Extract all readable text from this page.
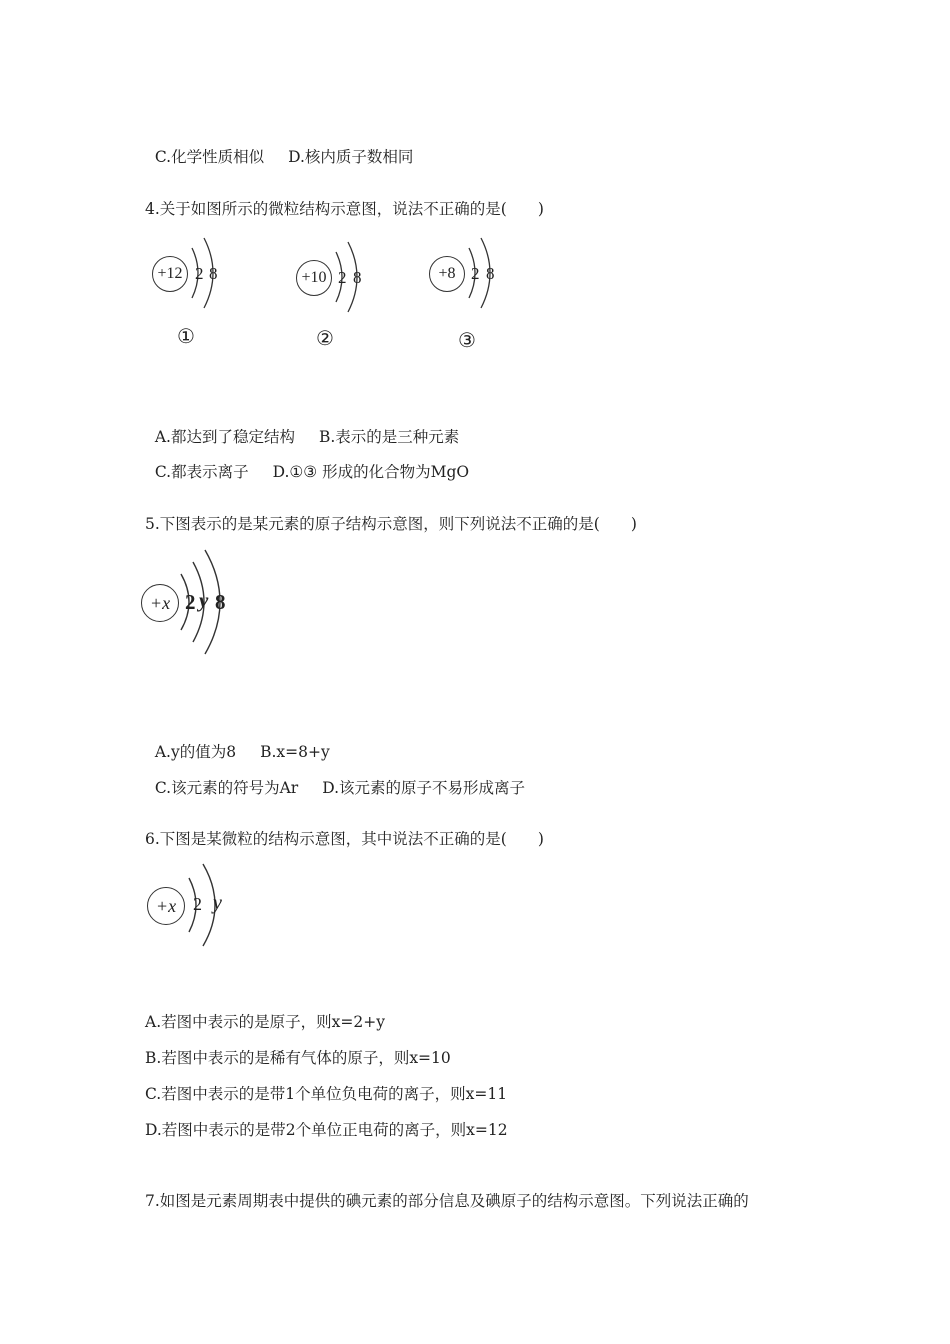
C.化学性质相似 D.核内质子数相同

4.关于如图所示的微粒结构示意图，说法不正确的是(　　)
+12 2 8
①
+10 2 8
②
+8 2 8
③

A.都达到了稳定结构 B.表示的是三种元素

C.都表示离子 D.①③ 形成的化合物为MgO

5.下图表示的是某元素的原子结构示意图，则下列说法不正确的是(　　)
+x 2 y 8

A.y的值为8 B.x=8+y

C.该元素的符号为Ar D.该元素的原子不易形成离子

6.下图是某微粒的结构示意图，其中说法不正确的是(　　)
+x 2 y
A.若图中表示的是原子，则x=2+y
B.若图中表示的是稀有气体的原子，则x=10
C.若图中表示的是带1个单位负电荷的离子，则x=11
D.若图中表示的是带2个单位正电荷的离子，则x=12
7.如图是元素周期表中提供的碘元素的部分信息及碘原子的结构示意图。下列说法正确的
